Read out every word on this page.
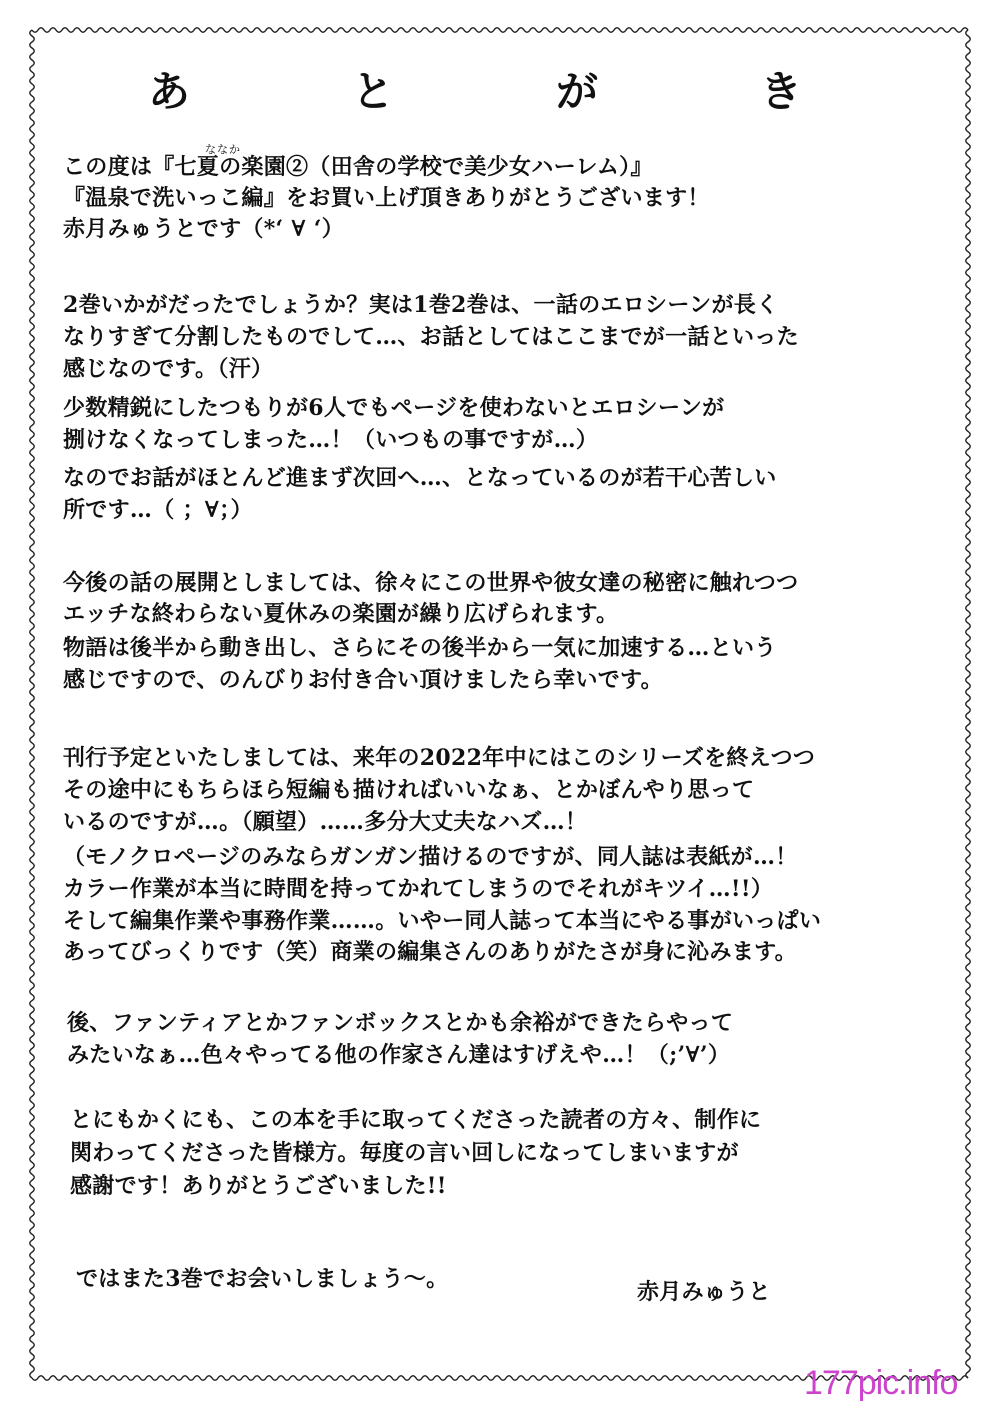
あ	と	が	き
ななか
この度は『七夏の楽園②（田舎の学校で美少女ハーレム）』
『温泉で洗いっこ編』をお買い上げ頂きありがとうございます！
赤月みゅうとです（*‘ ∀ ‘）
2巻いかがだったでしょうか？実は1巻2巻は、一話のエロシーンが長く
なりすぎて分割したものでして…、お話としてはここまでが一話といった
感じなのです。（汗）
少数精鋭にしたつもりが6人でもページを使わないとエロシーンが
捌けなくなってしまった…！（いつもの事ですが…）
なのでお話がほとんど進まず次回へ…、となっているのが若干心苦しい
所です…（ ；∀；）
今後の話の展開としましては、徐々にこの世界や彼女達の秘密に触れつつ
エッチな終わらない夏休みの楽園が繰り広げられます。
物語は後半から動き出し、さらにその後半から一気に加速する…という
感じですので、のんびりお付き合い頂けましたら幸いです。
刊行予定といたしましては、来年の2022年中にはこのシリーズを終えつつ
その途中にもちらほら短編も描ければいいなぁ、とかぼんやり思って
いるのですが…。（願望）……多分大丈夫なハズ…！
（モノクロページのみならガンガン描けるのですが、同人誌は表紙が…！
カラー作業が本当に時間を持ってかれてしまうのでそれがキツイ…!!）
そして編集作業や事務作業……。いやー同人誌って本当にやる事がいっぱい
あってびっくりです（笑）商業の編集さんのありがたさが身に沁みます。
後、ファンティアとかファンボックスとかも余裕ができたらやって
みたいなぁ…色々やってる他の作家さん達はすげえや…！（;’∀’）
とにもかくにも、この本を手に取ってくださった読者の方々、制作に
関わってくださった皆様方。毎度の言い回しになってしまいますが
感謝です！ありがとうございました!!
ではまた3巻でお会いしましょう～。	赤月みゅうと
177pic.info
